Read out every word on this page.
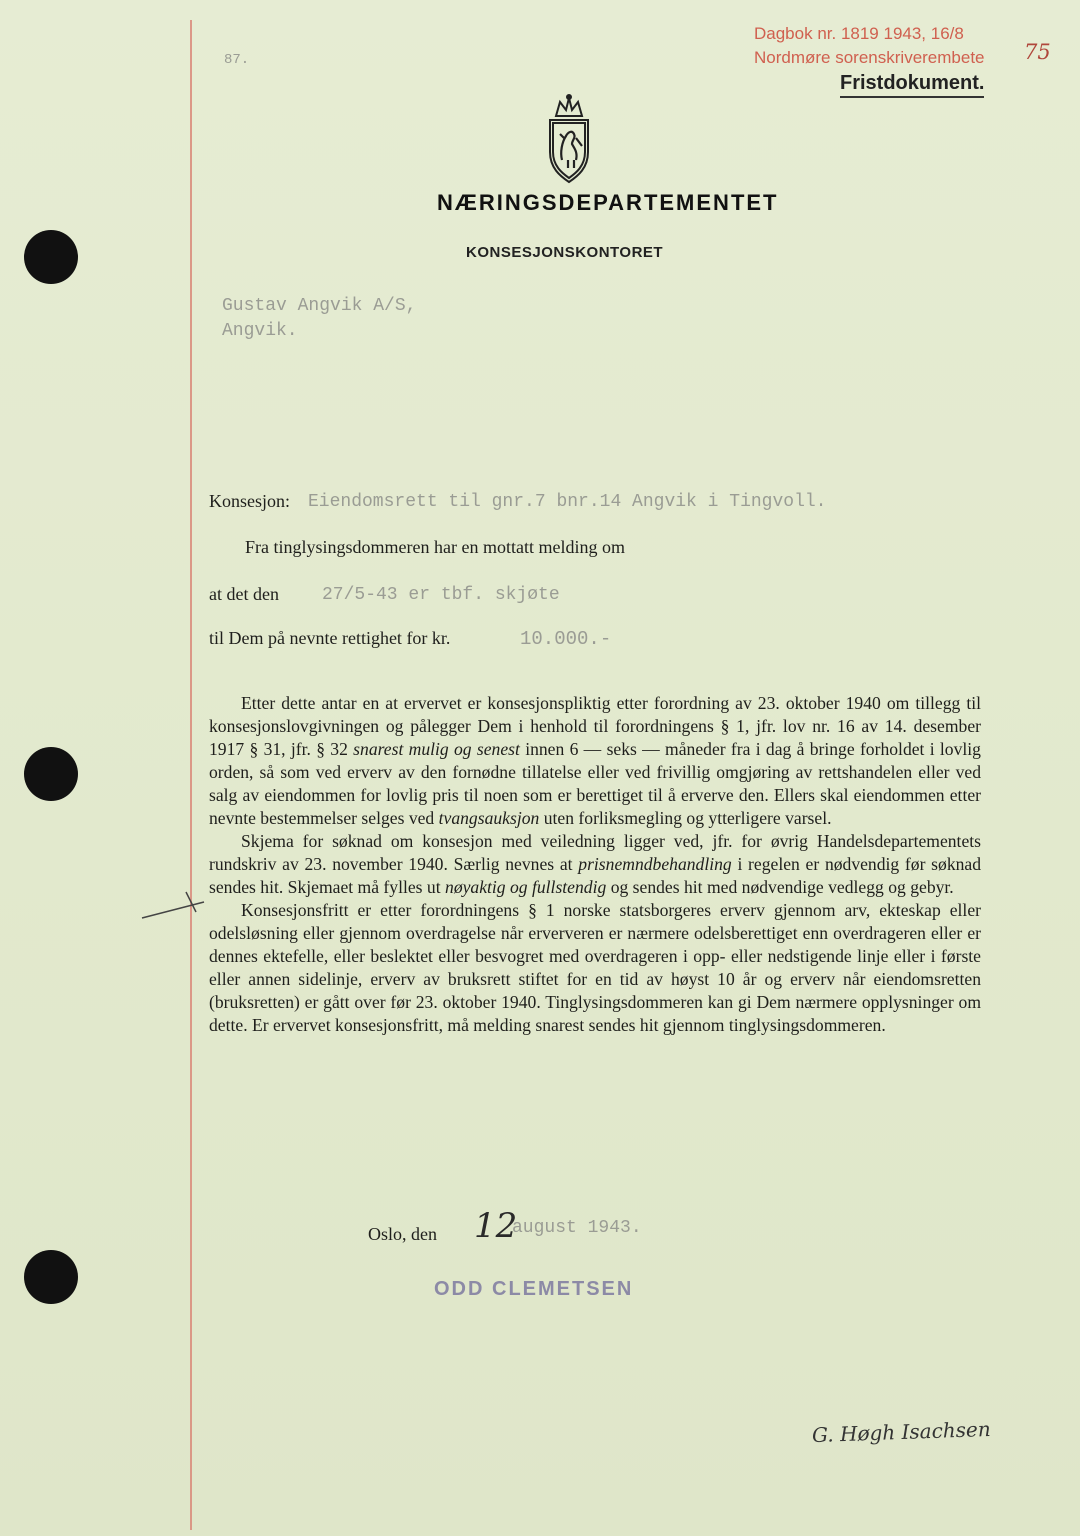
87.
Dagbok nr. 1819 1943, 16/8
75
Nordmøre sorenskriverembete
Fristdokument.
NÆRINGSDEPARTEMENTET
KONSESJONSKONTORET
Gustav Angvik A/S,
Angvik.
Konsesjon: Eiendomsrett til gnr.7 bnr.14 Angvik i Tingvoll.
Fra tinglysingsdommeren har en mottatt melding om
at det den 27/5-43 er tbf. skjøte
til Dem på nevnte rettighet for kr.	10.000.-

Etter dette antar en at ervervet er konsesjonspliktig etter forordning av 23. oktober 1940 om tillegg til konsesjonslovgivningen og pålegger Dem i henhold til forordningens § 1, jfr. lov nr. 16 av 14. desember 1917 § 31, jfr. § 32 snarest mulig og senest innen 6 — seks — måneder fra i dag å bringe forholdet i lovlig orden, så som ved erverv av den fornødne tillatelse eller ved frivillig omgjøring av rettshandelen eller ved salg av eiendommen for lovlig pris til noen som er berettiget til å erverve den. Ellers skal eiendommen etter nevnte bestemmelser selges ved tvangsauksjon uten forliksmegling og ytterligere varsel.

Skjema for søknad om konsesjon med veiledning ligger ved, jfr. for øvrig Handelsdepartementets rundskriv av 23. november 1940. Særlig nevnes at prisnemndbehandling i regelen er nødvendig før søknad sendes hit. Skjemaet må fylles ut nøyaktig og fullstendig og sendes hit med nødvendige vedlegg og gebyr.

Konsesjonsfritt er etter forordningens § 1 norske statsborgeres erverv gjennom arv, ekteskap eller odelsløsning eller gjennom overdragelse når erververen er nærmere odelsberettiget enn overdrageren eller er dennes ektefelle, eller beslektet eller besvogret med overdrageren i opp- eller nedstigende linje eller i første eller annen sidelinje, erverv av bruksrett stiftet for en tid av høyst 10 år og erverv når eiendomsretten (bruksretten) er gått over før 23. oktober 1940. Tinglysingsdommeren kan gi Dem nærmere opplysninger om dette. Er ervervet konsesjonsfritt, må melding snarest sendes hit gjennom tinglysingsdommeren.

Oslo, den 12
august 1943.
ODD CLEMETSEN
G. Høgh Isachsen
